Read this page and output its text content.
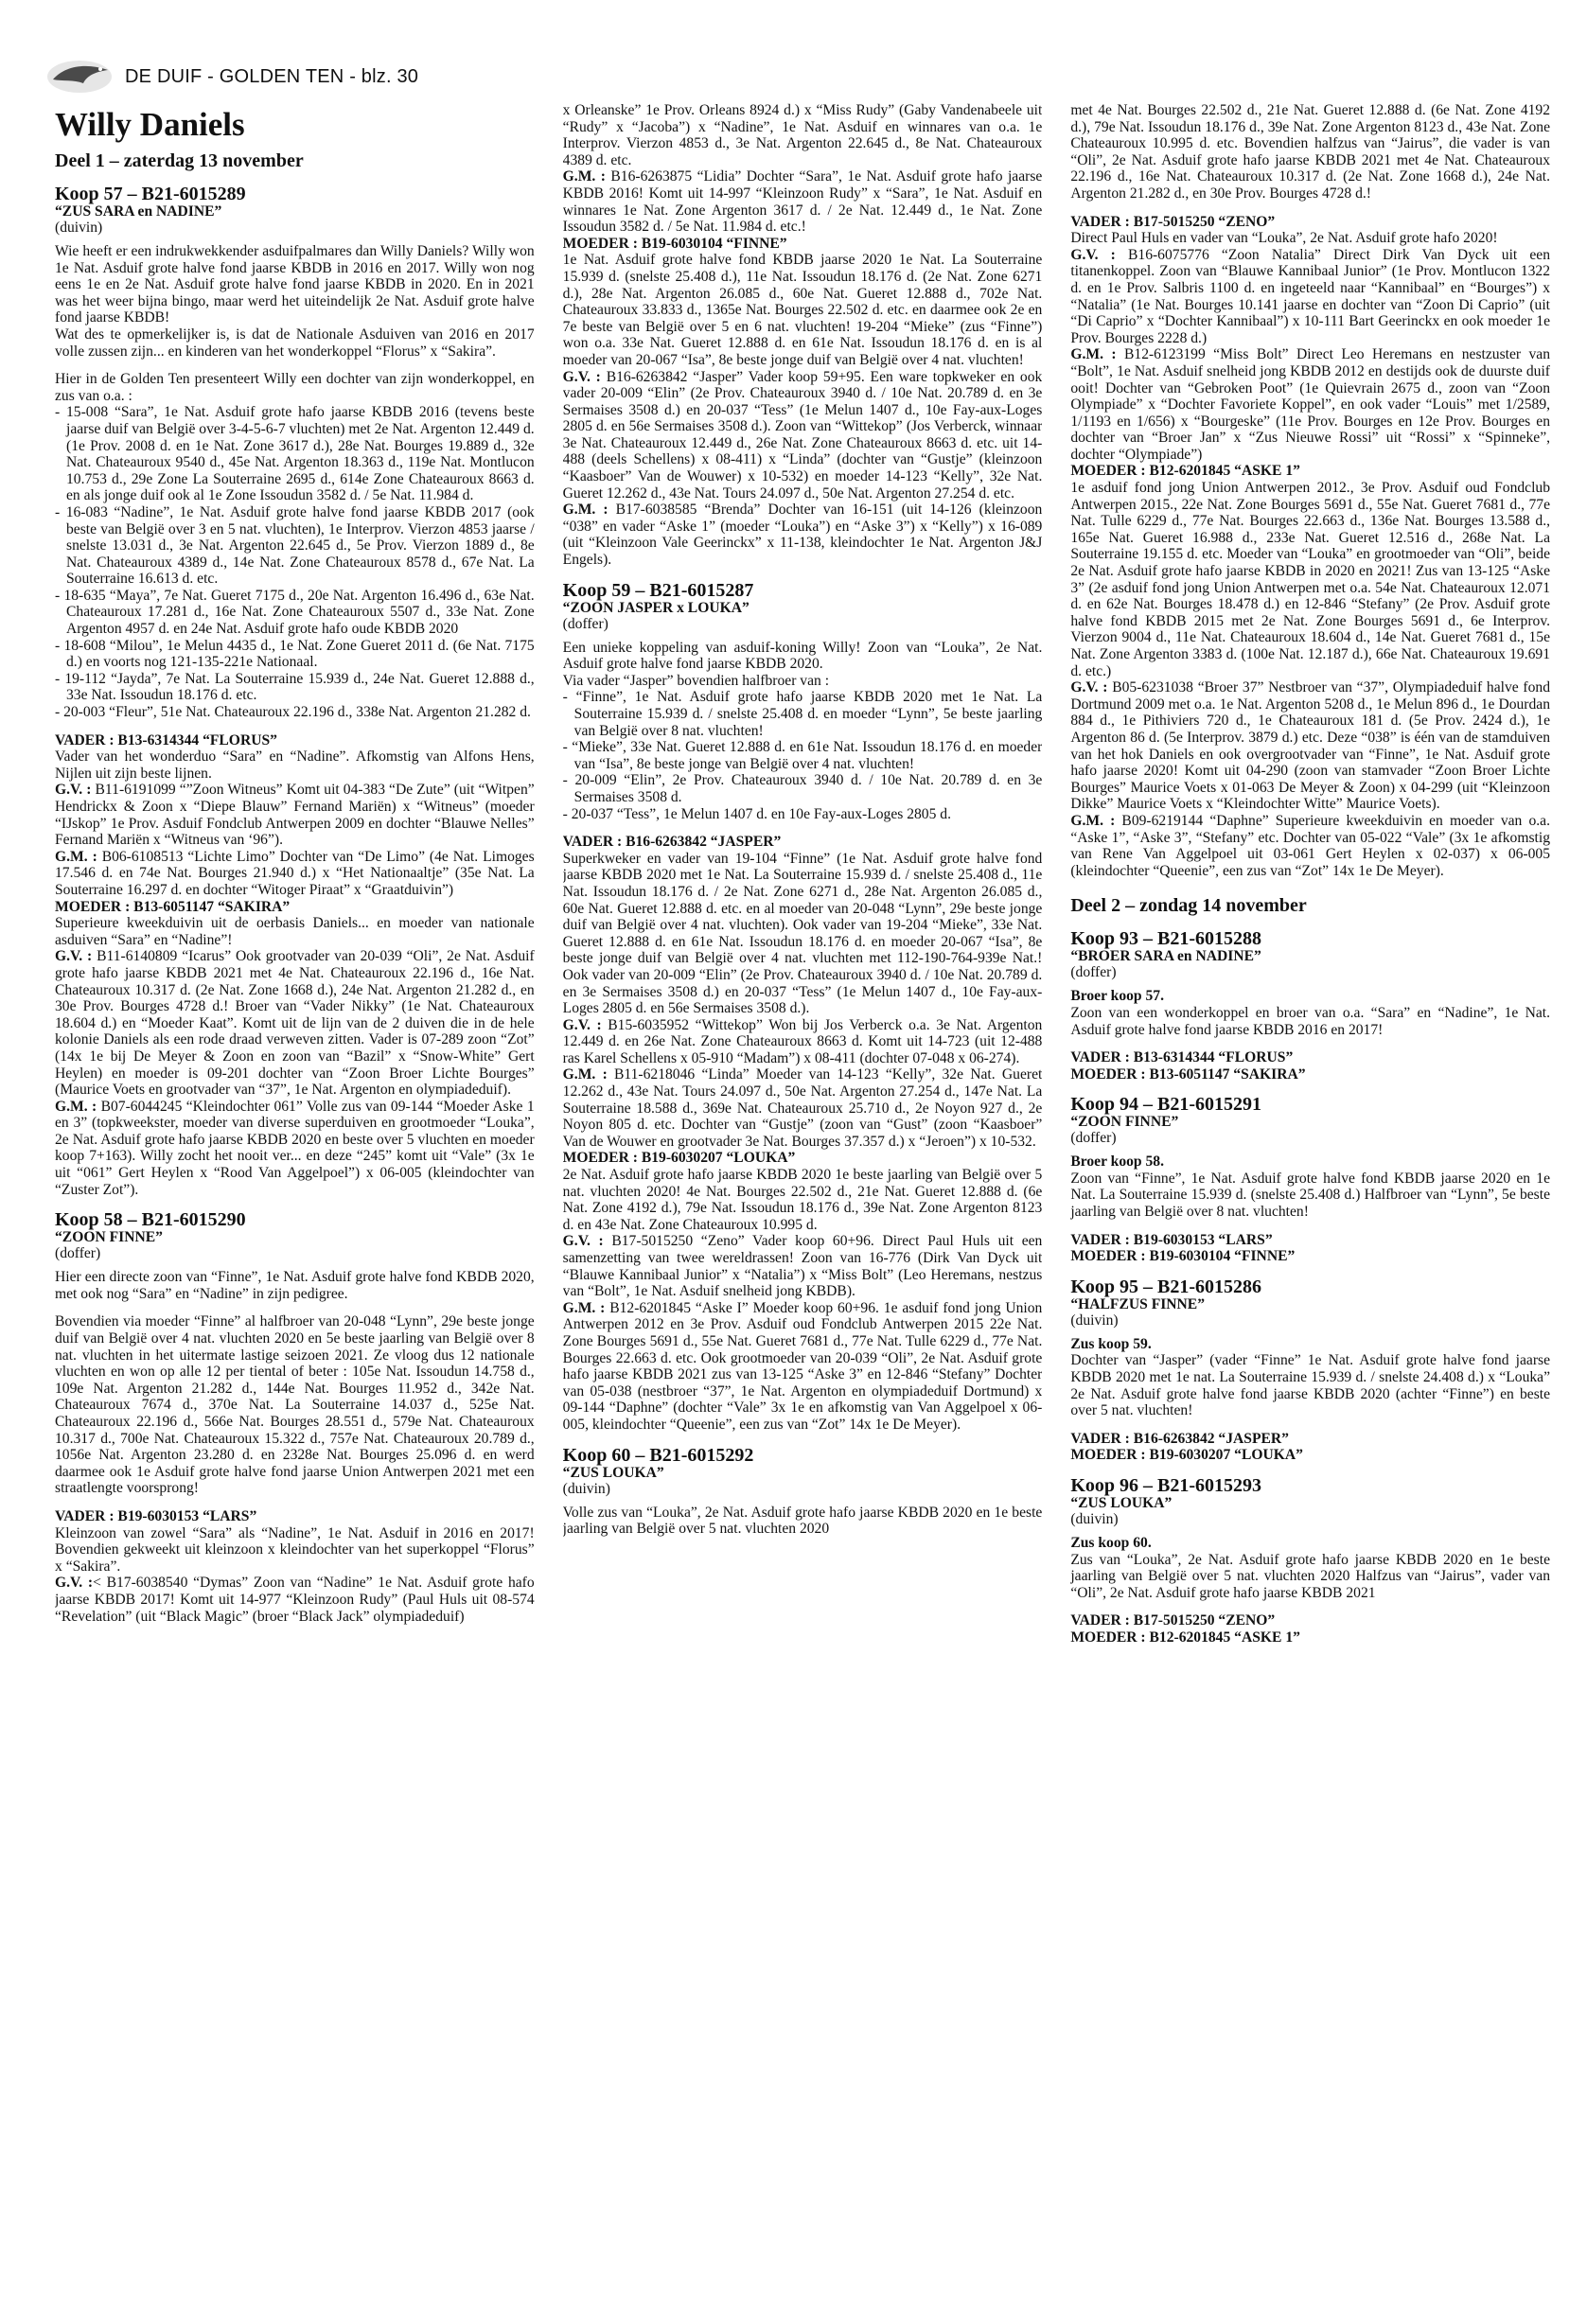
DE DUIF - GOLDEN TEN - blz. 30
Willy Daniels
Deel 1 – zaterdag 13 november
Koop 57 – B21-6015289
“ZUS SARA en NADINE”
(duivin)

Wie heeft er een indrukwekkender asduifpalmares dan Willy Daniels? Willy won 1e Nat. Asduif grote halve fond jaarse KBDB in 2016 en 2017. Willy won nog eens 1e en 2e Nat. Asduif grote halve fond jaarse KBDB in 2020. En in 2021 was het weer bijna bingo, maar werd het uiteindelijk 2e Nat. Asduif grote halve fond jaarse KBDB!

Wat des te opmerkelijker is, is dat de Nationale Asduiven van 2016 en 2017 volle zussen zijn... en kinderen van het wonderkoppel “Florus” x “Sakira”.

Hier in de Golden Ten presenteert Willy een dochter van zijn wonderkoppel, en zus van o.a. :

- 15-008 “Sara”, 1e Nat. Asduif grote hafo jaarse KBDB 2016 (tevens beste jaarse duif van België over 3-4-5-6-7 vluchten) met 2e Nat. Argenton 12.449 d. (1e Prov. 2008 d. en 1e Nat. Zone 3617 d.), 28e Nat. Bourges 19.889 d., 32e Nat. Chateauroux 9540 d., 45e Nat. Argenton 18.363 d., 119e Nat. Montlucon 10.753 d., 29e Zone La Souterraine 2695 d., 614e Zone Chateauroux 8663 d. en als jonge duif ook al 1e Zone Issoudun 3582 d. / 5e Nat. 11.984 d.
- 16-083 “Nadine”, 1e Nat. Asduif grote halve fond jaarse KBDB 2017 (ook beste van België over 3 en 5 nat. vluchten), 1e Interprov. Vierzon 4853 jaarse / snelste 13.031 d., 3e Nat. Argenton 22.645 d., 5e Prov. Vierzon 1889 d., 8e Nat. Chateauroux 4389 d., 14e Nat. Zone Chateauroux 8578 d., 67e Nat. La Souterraine 16.613 d. etc.
- 18-635 “Maya”, 7e Nat. Gueret 7175 d., 20e Nat. Argenton 16.496 d., 63e Nat. Chateauroux 17.281 d., 16e Nat. Zone Chateauroux 5507 d., 33e Nat. Zone Argenton 4957 d. en 24e Nat. Asduif grote hafo oude KBDB 2020
- 18-608 “Milou”, 1e Melun 4435 d., 1e Nat. Zone Gueret 2011 d. (6e Nat. 7175 d.) en voorts nog 121-135-221e Nationaal.
- 19-112 “Jayda”, 7e Nat. La Souterraine 15.939 d., 24e Nat. Gueret 12.888 d., 33e Nat. Issoudun 18.176 d. etc.
- 20-003 “Fleur”, 51e Nat. Chateauroux 22.196 d., 338e Nat. Argenton 21.282 d.

VADER : B13-6314344 “FLORUS”

Vader van het wonderduo “Sara” en “Nadine”. Afkomstig van Alfons Hens, Nijlen uit zijn beste lijnen.

G.V. : B11-6191099 “”Zoon Witneus” Komt uit 04-383 “De Zute” (uit “Witpen” Hendrickx & Zoon x “Diepe Blauw” Fernand Mariën) x “Witneus” (moeder “IJskop” 1e Prov. Asduif Fondclub Antwerpen 2009 en dochter “Blauwe Nelles” Fernand Mariën x “Witneus van ‘96”).

G.M. : B06-6108513 “Lichte Limo” Dochter van “De Limo” (4e Nat. Limoges 17.546 d. en 74e Nat. Bourges 21.940 d.) x “Het Nationaaltje” (35e Nat. La Souterraine 16.297 d. en dochter “Witoger Piraat” x “Graatduivin”)

MOEDER : B13-6051147 “SAKIRA”

Superieure kweekduivin uit de oerbasis Daniels... en moeder van nationale asduiven “Sara” en “Nadine”!

G.V. : B11-6140809 “Icarus” Ook grootvader van 20-039 “Oli”, 2e Nat. Asduif grote hafo jaarse KBDB 2021 met 4e Nat. Chateauroux 22.196 d., 16e Nat. Chateauroux 10.317 d. (2e Nat. Zone 1668 d.), 24e Nat. Argenton 21.282 d., en 30e Prov. Bourges 4728 d.! Broer van “Vader Nikky” (1e Nat. Chateauroux 18.604 d.) en “Moeder Kaat”. Komt uit de lijn van de 2 duiven die in de hele kolonie Daniels als een rode draad verweven zitten. Vader is 07-289 zoon “Zot” (14x 1e bij De Meyer & Zoon en zoon van “Bazil” x “Snow-White” Gert Heylen) en moeder is 09-201 dochter van “Zoon Broer Lichte Bourges” (Maurice Voets en grootvader van “37”, 1e Nat. Argenton en olympiadeduif).

G.M. : B07-6044245 “Kleindochter 061” Volle zus van 09-144 “Moeder Aske 1 en 3” (topkweekster, moeder van diverse superduiven en grootmoeder “Louka”, 2e Nat. Asduif grote hafo jaarse KBDB 2020 en beste over 5 vluchten en moeder koop 7+163). Willy zocht het nooit ver... en deze “245” komt uit “Vale” (3x 1e uit “061” Gert Heylen x “Rood Van Aggelpoel”) x 06-005 (kleindochter van “Zuster Zot”).

Koop 58 – B21-6015290
“ZOON FINNE”
(doffer)

Hier een directe zoon van “Finne”, 1e Nat. Asduif grote halve fond KBDB 2020, met ook nog “Sara” en “Nadine” in zijn pedigree.

Bovendien via moeder “Finne” al halfbroer van 20-048 “Lynn”, 29e beste jonge duif van België over 4 nat. vluchten 2020 en 5e beste jaarling van België over 8 nat. vluchten in het uitermate lastige seizoen 2021. Ze vloog dus 12 nationale vluchten en won op alle 12 per tiental of beter : 105e Nat. Issoudun 14.758 d., 109e Nat. Argenton 21.282 d., 144e Nat. Bourges 11.952 d., 342e Nat. Chateauroux 7674 d., 370e Nat. La Souterraine 14.037 d., 525e Nat. Chateauroux 22.196 d., 566e Nat. Bourges 28.551 d., 579e Nat. Chateauroux 10.317 d., 700e Nat. Chateauroux 15.322 d., 757e Nat. Chateauroux 20.789 d., 1056e Nat. Argenton 23.280 d. en 2328e Nat. Bourges 25.096 d. en werd daarmee ook 1e Asduif grote halve fond jaarse Union Antwerpen 2021 met een straatlengte voorsprong!

VADER : B19-6030153 “LARS”

Kleinzoon van zowel “Sara” als “Nadine”, 1e Nat. Asduif in 2016 en 2017! Bovendien gekweekt uit kleinzoon x kleindochter van het superkoppel “Florus” x “Sakira”.

G.V. :< B17-6038540 “Dymas” Zoon van “Nadine” 1e Nat. Asduif grote hafo jaarse KBDB 2017! Komt uit 14-977 “Kleinzoon Rudy” (Paul Huls uit 08-574 “Revelation” (uit “Black Magic” (broer “Black Jack” olympiadeduif)

x Orleanske” 1e Prov. Orleans 8924 d.) x “Miss Rudy” (Gaby Vandenabeele uit “Rudy” x “Jacoba”) x “Nadine”, 1e Nat. Asduif en winnares van o.a. 1e Interprov. Vierzon 4853 d., 3e Nat. Argenton 22.645 d., 8e Nat. Chateauroux 4389 d. etc.

G.M. : B16-6263875 “Lidia” Dochter “Sara”, 1e Nat. Asduif grote hafo jaarse KBDB 2016! Komt uit 14-997 “Kleinzoon Rudy” x “Sara”, 1e Nat. Asduif en winnares 1e Nat. Zone Argenton 3617 d. / 2e Nat. 12.449 d., 1e Nat. Zone Issoudun 3582 d. / 5e Nat. 11.984 d. etc.!

MOEDER : B19-6030104 “FINNE”

1e Nat. Asduif grote halve fond KBDB jaarse 2020 1e Nat. La Souterraine 15.939 d. (snelste 25.408 d.), 11e Nat. Issoudun 18.176 d. (2e Nat. Zone 6271 d.), 28e Nat. Argenton 26.085 d., 60e Nat. Gueret 12.888 d., 702e Nat. Chateauroux 33.833 d., 1365e Nat. Bourges 22.502 d. etc. en daarmee ook 2e en 7e beste van België over 5 en 6 nat. vluchten! 19-204 “Mieke” (zus “Finne”) won o.a. 33e Nat. Gueret 12.888 d. en 61e Nat. Issoudun 18.176 d. en is al moeder van 20-067 “Isa”, 8e beste jonge duif van België over 4 nat. vluchten!

G.V. : B16-6263842 “Jasper” Vader koop 59+95. Een ware topkweker en ook vader 20-009 “Elin” (2e Prov. Chateauroux 3940 d. / 10e Nat. 20.789 d. en 3e Sermaises 3508 d.) en 20-037 “Tess” (1e Melun 1407 d., 10e Fay-aux-Loges 2805 d. en 56e Sermaises 3508 d.). Zoon van “Wittekop” (Jos Verberck, winnaar 3e Nat. Chateauroux 12.449 d., 26e Nat. Zone Chateauroux 8663 d. etc. uit 14-488 (deels Schellens) x 08-411) x “Linda” (dochter van “Gustje” (kleinzoon “Kaasboer” Van de Wouwer) x 10-532) en moeder 14-123 “Kelly”, 32e Nat. Gueret 12.262 d., 43e Nat. Tours 24.097 d., 50e Nat. Argenton 27.254 d. etc.

G.M. : B17-6038585 “Brenda” Dochter van 16-151 (uit 14-126 (kleinzoon “038” en vader “Aske 1” (moeder “Louka”) en “Aske 3”) x “Kelly”) x 16-089 (uit “Kleinzoon Vale Geerinckx” x 11-138, kleindochter 1e Nat. Argenton J&J Engels).

Koop 59 – B21-6015287
“ZOON JASPER x LOUKA”
(doffer)

Een unieke koppeling van asduif-koning Willy! Zoon van “Louka”, 2e Nat. Asduif grote halve fond jaarse KBDB 2020.

Via vader “Jasper” bovendien halfbroer van :

- “Finne”, 1e Nat. Asduif grote hafo jaarse KBDB 2020 met 1e Nat. La Souterraine 15.939 d. / snelste 25.408 d. en moeder “Lynn”, 5e beste jaarling van België over 8 nat. vluchten!
- “Mieke”, 33e Nat. Gueret 12.888 d. en 61e Nat. Issoudun 18.176 d. en moeder van “Isa”, 8e beste jonge van België over 4 nat. vluchten!
- 20-009 “Elin”, 2e Prov. Chateauroux 3940 d. / 10e Nat. 20.789 d. en 3e Sermaises 3508 d.
- 20-037 “Tess”, 1e Melun 1407 d. en 10e Fay-aux-Loges 2805 d.

VADER : B16-6263842 “JASPER”

Superkweker en vader van 19-104 “Finne” (1e Nat. Asduif grote halve fond jaarse KBDB 2020 met 1e Nat. La Souterraine 15.939 d. / snelste 25.408 d., 11e Nat. Issoudun 18.176 d. / 2e Nat. Zone 6271 d., 28e Nat. Argenton 26.085 d., 60e Nat. Gueret 12.888 d. etc. en al moeder van 20-048 “Lynn”, 29e beste jonge duif van België over 4 nat. vluchten). Ook vader van 19-204 “Mieke”, 33e Nat. Gueret 12.888 d. en 61e Nat. Issoudun 18.176 d. en moeder 20-067 “Isa”, 8e beste jonge duif van België over 4 nat. vluchten met 112-190-764-939e Nat.! Ook vader van 20-009 “Elin” (2e Prov. Chateauroux 3940 d. / 10e Nat. 20.789 d. en 3e Sermaises 3508 d.) en 20-037 “Tess” (1e Melun 1407 d., 10e Fay-aux-Loges 2805 d. en 56e Sermaises 3508 d.).

G.V. : B15-6035952 “Wittekop” Won bij Jos Verberck o.a. 3e Nat. Argenton 12.449 d. en 26e Nat. Zone Chateauroux 8663 d. Komt uit 14-723 (uit 12-488 ras Karel Schellens x 05-910 “Madam”) x 08-411 (dochter 07-048 x 06-274).

G.M. : B11-6218046 “Linda” Moeder van 14-123 “Kelly”, 32e Nat. Gueret 12.262 d., 43e Nat. Tours 24.097 d., 50e Nat. Argenton 27.254 d., 147e Nat. La Souterraine 18.588 d., 369e Nat. Chateauroux 25.710 d., 2e Noyon 927 d., 2e Noyon 805 d. etc. Dochter van “Gustje” (zoon van “Gust” (zoon “Kaasboer” Van de Wouwer en grootvader 3e Nat. Bourges 37.357 d.) x “Jeroen”) x 10-532.

MOEDER : B19-6030207 “LOUKA”

2e Nat. Asduif grote hafo jaarse KBDB 2020 1e beste jaarling van België over 5 nat. vluchten 2020! 4e Nat. Bourges 22.502 d., 21e Nat. Gueret 12.888 d. (6e Nat. Zone 4192 d.), 79e Nat. Issoudun 18.176 d., 39e Nat. Zone Argenton 8123 d. en 43e Nat. Zone Chateauroux 10.995 d.

G.V. : B17-5015250 “Zeno” Vader koop 60+96. Direct Paul Huls uit een samenzetting van twee wereldrassen! Zoon van 16-776 (Dirk Van Dyck uit “Blauwe Kannibaal Junior” x “Natalia”) x “Miss Bolt” (Leo Heremans, nestzus van “Bolt”, 1e Nat. Asduif snelheid jong KBDB).

G.M. : B12-6201845 “Aske I” Moeder koop 60+96. 1e asduif fond jong Union Antwerpen 2012 en 3e Prov. Asduif oud Fondclub Antwerpen 2015 22e Nat. Zone Bourges 5691 d., 55e Nat. Gueret 7681 d., 77e Nat. Tulle 6229 d., 77e Nat. Bourges 22.663 d. etc. Ook grootmoeder van 20-039 “Oli”, 2e Nat. Asduif grote hafo jaarse KBDB 2021 zus van 13-125 “Aske 3” en 12-846 “Stefany” Dochter van 05-038 (nestbroer “37”, 1e Nat. Argenton en olympiadeduif Dortmund) x 09-144 “Daphne” (dochter “Vale” 3x 1e en afkomstig van Van Aggelpoel x 06-005, kleindochter “Queenie”, een zus van “Zot” 14x 1e De Meyer).

Koop 60 – B21-6015292
“ZUS LOUKA”
(duivin)

Volle zus van “Louka”, 2e Nat. Asduif grote hafo jaarse KBDB 2020 en 1e beste jaarling van België over 5 nat. vluchten 2020

met 4e Nat. Bourges 22.502 d., 21e Nat. Gueret 12.888 d. (6e Nat. Zone 4192 d.), 79e Nat. Issoudun 18.176 d., 39e Nat. Zone Argenton 8123 d., 43e Nat. Zone Chateauroux 10.995 d. etc. Bovendien halfzus van “Jairus”, die vader is van “Oli”, 2e Nat. Asduif grote hafo jaarse KBDB 2021 met 4e Nat. Chateauroux 22.196 d., 16e Nat. Chateauroux 10.317 d. (2e Nat. Zone 1668 d.), 24e Nat. Argenton 21.282 d., en 30e Prov. Bourges 4728 d.!

VADER : B17-5015250 “ZENO”

Direct Paul Huls en vader van “Louka”, 2e Nat. Asduif grote hafo 2020!

G.V. : B16-6075776 “Zoon Natalia” Direct Dirk Van Dyck uit een titanenkoppel. Zoon van “Blauwe Kannibaal Junior” (1e Prov. Montlucon 1322 d. en 1e Prov. Salbris 1100 d. en ingeteeld naar “Kannibaal” en “Bourges”) x “Natalia” (1e Nat. Bourges 10.141 jaarse en dochter van “Zoon Di Caprio” (uit “Di Caprio” x “Dochter Kannibaal”) x 10-111 Bart Geerinckx en ook moeder 1e Prov. Bourges 2228 d.)

G.M. : B12-6123199 “Miss Bolt” Direct Leo Heremans en nestzuster van “Bolt”, 1e Nat. Asduif snelheid jong KBDB 2012 en destijds ook de duurste duif ooit! Dochter van “Gebroken Poot” (1e Quievrain 2675 d., zoon van “Zoon Olympiade” x “Dochter Favoriete Koppel”, en ook vader “Louis” met 1/2589, 1/1193 en 1/656) x “Bourgeske” (11e Prov. Bourges en 12e Prov. Bourges en dochter van “Broer Jan” x “Zus Nieuwe Rossi” uit “Rossi” x “Spinneke”, dochter “Olympiade”)

MOEDER : B12-6201845 “ASKE 1”

1e asduif fond jong Union Antwerpen 2012., 3e Prov. Asduif oud Fondclub Antwerpen 2015., 22e Nat. Zone Bourges 5691 d., 55e Nat. Gueret 7681 d., 77e Nat. Tulle 6229 d., 77e Nat. Bourges 22.663 d., 136e Nat. Bourges 13.588 d., 165e Nat. Gueret 16.988 d., 233e Nat. Gueret 12.516 d., 268e Nat. La Souterraine 19.155 d. etc. Moeder van “Louka” en grootmoeder van “Oli”, beide 2e Nat. Asduif grote hafo jaarse KBDB in 2020 en 2021! Zus van 13-125 “Aske 3” (2e asduif fond jong Union Antwerpen met o.a. 54e Nat. Chateauroux 12.071 d. en 62e Nat. Bourges 18.478 d.) en 12-846 “Stefany” (2e Prov. Asduif grote halve fond KBDB 2015 met 2e Nat. Zone Bourges 5691 d., 6e Interprov. Vierzon 9004 d., 11e Nat. Chateauroux 18.604 d., 14e Nat. Gueret 7681 d., 15e Nat. Zone Argenton 3383 d. (100e Nat. 12.187 d.), 66e Nat. Chateauroux 19.691 d. etc.)

G.V. : B05-6231038 “Broer 37” Nestbroer van “37”, Olympiadeduif halve fond Dortmund 2009 met o.a. 1e Nat. Argenton 5208 d., 1e Melun 896 d., 1e Dourdan 884 d., 1e Pithiviers 720 d., 1e Chateauroux 181 d. (5e Prov. 2424 d.), 1e Argenton 86 d. (5e Interprov. 3879 d.) etc. Deze “038” is één van de stamduiven van het hok Daniels en ook overgrootvader van “Finne”, 1e Nat. Asduif grote hafo jaarse 2020! Komt uit 04-290 (zoon van stamvader “Zoon Broer Lichte Bourges” Maurice Voets x 01-063 De Meyer & Zoon) x 04-299 (uit “Kleinzoon Dikke” Maurice Voets x “Kleindochter Witte” Maurice Voets).

G.M. : B09-6219144 “Daphne” Superieure kweekduivin en moeder van o.a. “Aske 1”, “Aske 3”, “Stefany” etc. Dochter van 05-022 “Vale” (3x 1e afkomstig van Rene Van Aggelpoel uit 03-061 Gert Heylen x 02-037) x 06-005 (kleindochter “Queenie”, een zus van “Zot” 14x 1e De Meyer).

Deel 2 – zondag 14 november
Koop 93 – B21-6015288
“BROER SARA en NADINE”
(doffer)

Broer koop 57.

Zoon van een wonderkoppel en broer van o.a. “Sara” en “Nadine”, 1e Nat. Asduif grote halve fond jaarse KBDB 2016 en 2017!

VADER : B13-6314344 “FLORUS”

MOEDER : B13-6051147 “SAKIRA”

Koop 94 – B21-6015291
“ZOON FINNE”
(doffer)

Broer koop 58.

Zoon van “Finne”, 1e Nat. Asduif grote halve fond KBDB jaarse 2020 en 1e Nat. La Souterraine 15.939 d. (snelste 25.408 d.) Halfbroer van “Lynn”, 5e beste jaarling van België over 8 nat. vluchten!

VADER : B19-6030153 “LARS”

MOEDER : B19-6030104 “FINNE”

Koop 95 – B21-6015286
“HALFZUS FINNE”
(duivin)

Zus koop 59.

Dochter van “Jasper” (vader “Finne” 1e Nat. Asduif grote halve fond jaarse KBDB 2020 met 1e nat. La Souterraine 15.939 d. / snelste 24.408 d.) x “Louka” 2e Nat. Asduif grote halve fond jaarse KBDB 2020 (achter “Finne”) en beste over 5 nat. vluchten!

VADER : B16-6263842 “JASPER”

MOEDER : B19-6030207 “LOUKA”

Koop 96 – B21-6015293
“ZUS LOUKA”
(duivin)

Zus koop 60.

Zus van “Louka”, 2e Nat. Asduif grote hafo jaarse KBDB 2020 en 1e beste jaarling van België over 5 nat. vluchten 2020 Halfzus van “Jairus”, vader van “Oli”, 2e Nat. Asduif grote hafo jaarse KBDB 2021

VADER : B17-5015250 “ZENO”

MOEDER : B12-6201845 “ASKE 1”
